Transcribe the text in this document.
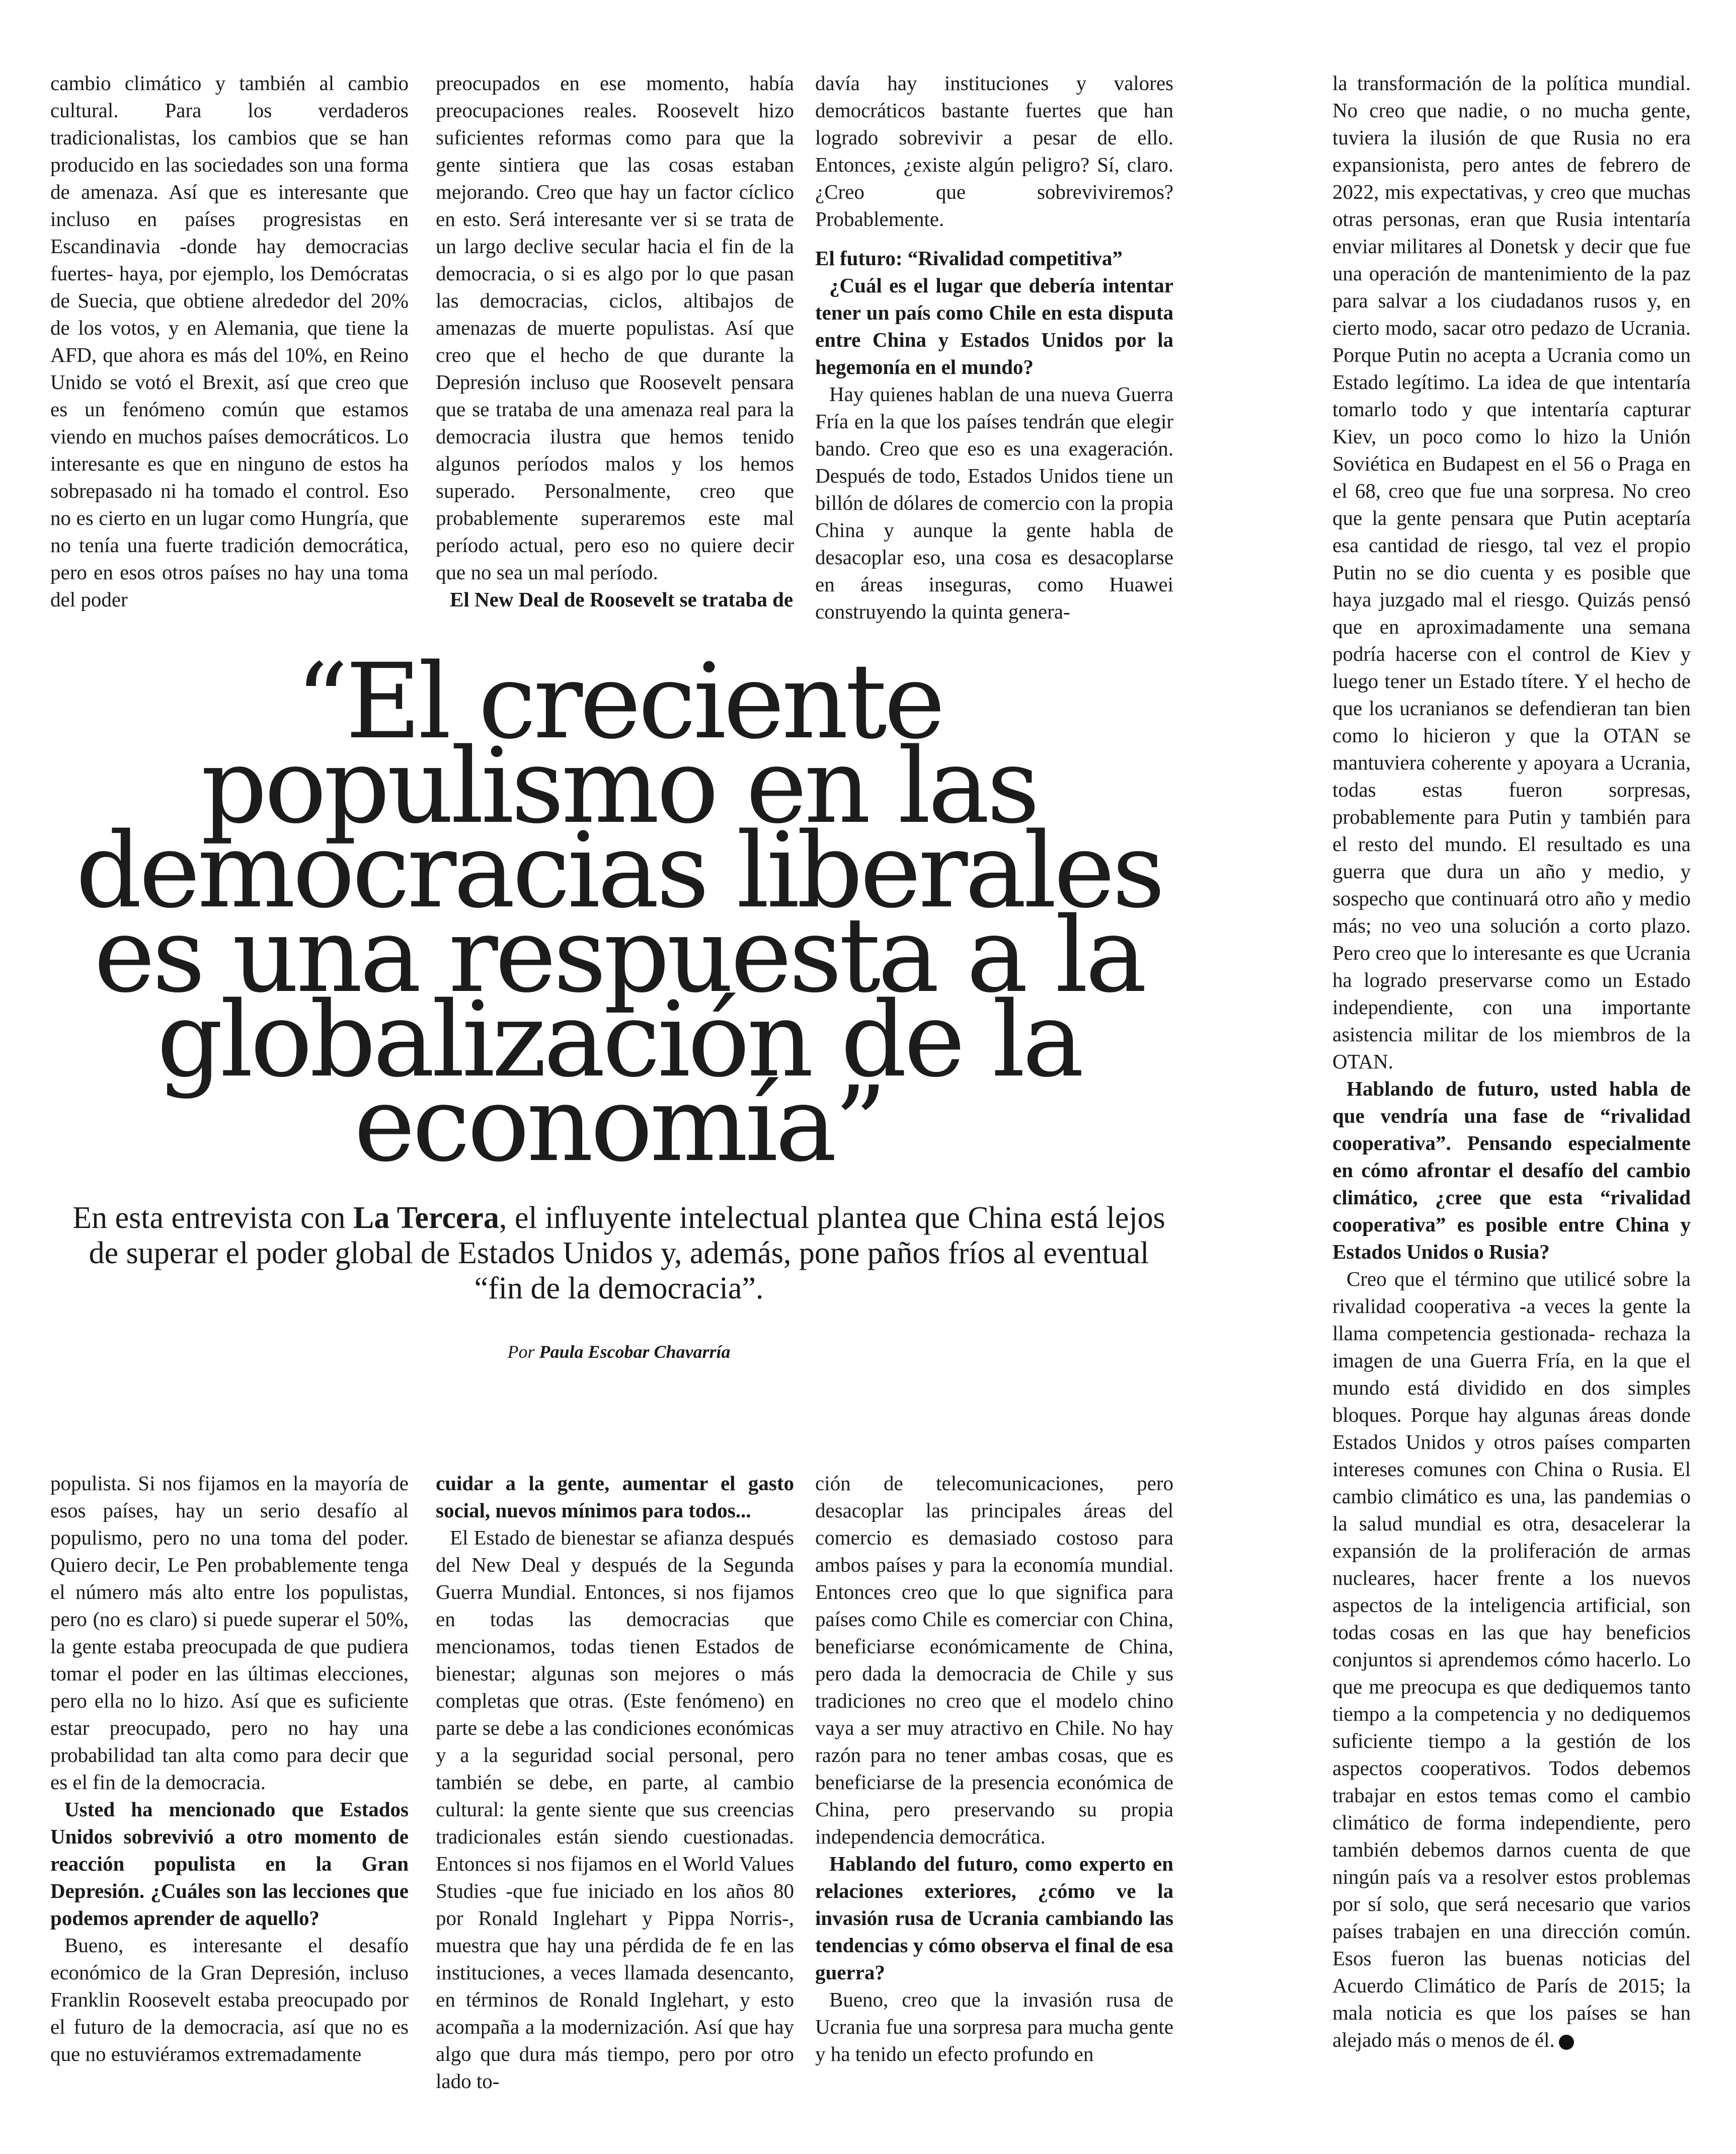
cambio climático y también al cambio cultural. Para los verdaderos tradicionalistas, los cambios que se han producido en las sociedades son una forma de amenaza. Así que es interesante que incluso en países progresistas en Escandinavia -donde hay democracias fuertes- haya, por ejemplo, los Demócratas de Suecia, que obtiene alrededor del 20% de los votos, y en Alemania, que tiene la AFD, que ahora es más del 10%, en Reino Unido se votó el Brexit, así que creo que es un fenómeno común que estamos viendo en muchos países democráticos. Lo interesante es que en ninguno de estos ha sobrepasado ni ha tomado el control. Eso no es cierto en un lugar como Hungría, que no tenía una fuerte tradición democrática, pero en esos otros países no hay una toma del poder

preocupados en ese momento, había preocupaciones reales. Roosevelt hizo suficientes reformas como para que la gente sintiera que las cosas estaban mejorando. Creo que hay un factor cíclico en esto. Será interesante ver si se trata de un largo declive secular hacia el fin de la democracia, o si es algo por lo que pasan las democracias, ciclos, altibajos de amenazas de muerte populistas. Así que creo que el hecho de que durante la Depresión incluso que Roosevelt pensara que se trataba de una amenaza real para la democracia ilustra que hemos tenido algunos períodos malos y los hemos superado. Personalmente, creo que probablemente superaremos este mal período actual, pero eso no quiere decir que no sea un mal período.

El New Deal de Roosevelt se trataba de

davía hay instituciones y valores democráticos bastante fuertes que han logrado sobrevivir a pesar de ello. Entonces, ¿existe algún peligro? Sí, claro. ¿Creo que sobreviviremos? Probablemente.

El futuro: “Rivalidad competitiva”

¿Cuál es el lugar que debería intentar tener un país como Chile en esta disputa entre China y Estados Unidos por la hegemonía en el mundo?

Hay quienes hablan de una nueva Guerra Fría en la que los países tendrán que elegir bando. Creo que eso es una exageración. Después de todo, Estados Unidos tiene un billón de dólares de comercio con la propia China y aunque la gente habla de desacoplar eso, una cosa es desacoplarse en áreas inseguras, como Huawei construyendo la quinta genera-

la transformación de la política mundial. No creo que nadie, o no mucha gente, tuviera la ilusión de que Rusia no era expansionista, pero antes de febrero de 2022, mis expectativas, y creo que muchas otras personas, eran que Rusia intentaría enviar militares al Donetsk y decir que fue una operación de mantenimiento de la paz para salvar a los ciudadanos rusos y, en cierto modo, sacar otro pedazo de Ucrania. Porque Putin no acepta a Ucrania como un Estado legítimo. La idea de que intentaría tomarlo todo y que intentaría capturar Kiev, un poco como lo hizo la Unión Soviética en Budapest en el 56 o Praga en el 68, creo que fue una sorpresa. No creo que la gente pensara que Putin aceptaría esa cantidad de riesgo, tal vez el propio Putin no se dio cuenta y es posible que haya juzgado mal el riesgo. Quizás pensó que en aproximadamente una semana podría hacerse con el control de Kiev y luego tener un Estado títere. Y el hecho de que los ucranianos se defendieran tan bien como lo hicieron y que la OTAN se mantuviera coherente y apoyara a Ucrania, todas estas fueron sorpresas, probablemente para Putin y también para el resto del mundo. El resultado es una guerra que dura un año y medio, y sospecho que continuará otro año y medio más; no veo una solución a corto plazo. Pero creo que lo interesante es que Ucrania ha logrado preservarse como un Estado independiente, con una importante asistencia militar de los miembros de la OTAN.

Hablando de futuro, usted habla de que vendría una fase de “rivalidad cooperativa”. Pensando especialmente en cómo afrontar el desafío del cambio climático, ¿cree que esta “rivalidad cooperativa” es posible entre China y Estados Unidos o Rusia?

Creo que el término que utilicé sobre la rivalidad cooperativa -a veces la gente la llama competencia gestionada- rechaza la imagen de una Guerra Fría, en la que el mundo está dividido en dos simples bloques. Porque hay algunas áreas donde Estados Unidos y otros países comparten intereses comunes con China o Rusia. El cambio climático es una, las pandemias o la salud mundial es otra, desacelerar la expansión de la proliferación de armas nucleares, hacer frente a los nuevos aspectos de la inteligencia artificial, son todas cosas en las que hay beneficios conjuntos si aprendemos cómo hacerlo. Lo que me preocupa es que dediquemos tanto tiempo a la competencia y no dediquemos suficiente tiempo a la gestión de los aspectos cooperativos. Todos debemos trabajar en estos temas como el cambio climático de forma independiente, pero también debemos darnos cuenta de que ningún país va a resolver estos problemas por sí solo, que será necesario que varios países trabajen en una dirección común. Esos fueron las buenas noticias del Acuerdo Climático de París de 2015; la mala noticia es que los países se han alejado más o menos de él.

“El creciente populismo en las democracias liberales es una respuesta a la globalización de la economía”

En esta entrevista con La Tercera, el influyente intelectual plantea que China está lejos de superar el poder global de Estados Unidos y, además, pone paños fríos al eventual “fin de la democracia”.

Por Paula Escobar Chavarría

populista. Si nos fijamos en la mayoría de esos países, hay un serio desafío al populismo, pero no una toma del poder. Quiero decir, Le Pen probablemente tenga el número más alto entre los populistas, pero (no es claro) si puede superar el 50%, la gente estaba preocupada de que pudiera tomar el poder en las últimas elecciones, pero ella no lo hizo. Así que es suficiente estar preocupado, pero no hay una probabilidad tan alta como para decir que es el fin de la democracia.

Usted ha mencionado que Estados Unidos sobrevivió a otro momento de reacción populista en la Gran Depresión. ¿Cuáles son las lecciones que podemos aprender de aquello?

Bueno, es interesante el desafío económico de la Gran Depresión, incluso Franklin Roosevelt estaba preocupado por el futuro de la democracia, así que no es que no estuviéramos extremadamente

cuidar a la gente, aumentar el gasto social, nuevos mínimos para todos...

El Estado de bienestar se afianza después del New Deal y después de la Segunda Guerra Mundial. Entonces, si nos fijamos en todas las democracias que mencionamos, todas tienen Estados de bienestar; algunas son mejores o más completas que otras. (Este fenómeno) en parte se debe a las condiciones económicas y a la seguridad social personal, pero también se debe, en parte, al cambio cultural: la gente siente que sus creencias tradicionales están siendo cuestionadas. Entonces si nos fijamos en el World Values Studies -que fue iniciado en los años 80 por Ronald Inglehart y Pippa Norris-, muestra que hay una pérdida de fe en las instituciones, a veces llamada desencanto, en términos de Ronald Inglehart, y esto acompaña a la modernización. Así que hay algo que dura más tiempo, pero por otro lado to-

ción de telecomunicaciones, pero desacoplar las principales áreas del comercio es demasiado costoso para ambos países y para la economía mundial. Entonces creo que lo que significa para países como Chile es comerciar con China, beneficiarse económicamente de China, pero dada la democracia de Chile y sus tradiciones no creo que el modelo chino vaya a ser muy atractivo en Chile. No hay razón para no tener ambas cosas, que es beneficiarse de la presencia económica de China, pero preservando su propia independencia democrática.

Hablando del futuro, como experto en relaciones exteriores, ¿cómo ve la invasión rusa de Ucrania cambiando las tendencias y cómo observa el final de esa guerra?

Bueno, creo que la invasión rusa de Ucrania fue una sorpresa para mucha gente y ha tenido un efecto profundo en
